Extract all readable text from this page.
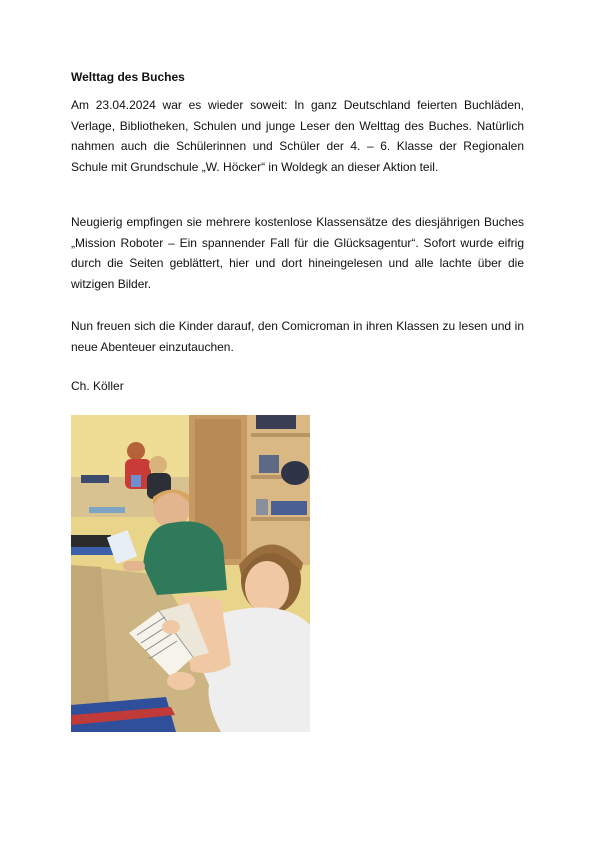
Welttag des Buches

Am 23.04.2024 war es wieder soweit: In ganz Deutschland feierten Buchläden,
Verlage, Bibliotheken, Schulen und junge Leser den Welttag des Buches. Natürlich
nahmen auch die Schülerinnen und Schüler der 4. – 6. Klasse der Regionalen
Schule mit Grundschule „W. Höcker“ in Woldegk an dieser Aktion teil.

Neugierig empfingen sie mehrere kostenlose Klassensätze des diesjährigen Buches
„Mission Roboter – Ein spannender Fall für die Glücksagentur“. Sofort wurde eifrig
durch die Seiten geblättert, hier und dort hineingelesen und alle lachte über die
witzigen Bilder.

Nun freuen sich die Kinder darauf, den Comicroman in ihren Klassen zu lesen und in
neue Abenteuer einzutauchen.

Ch. Köller
